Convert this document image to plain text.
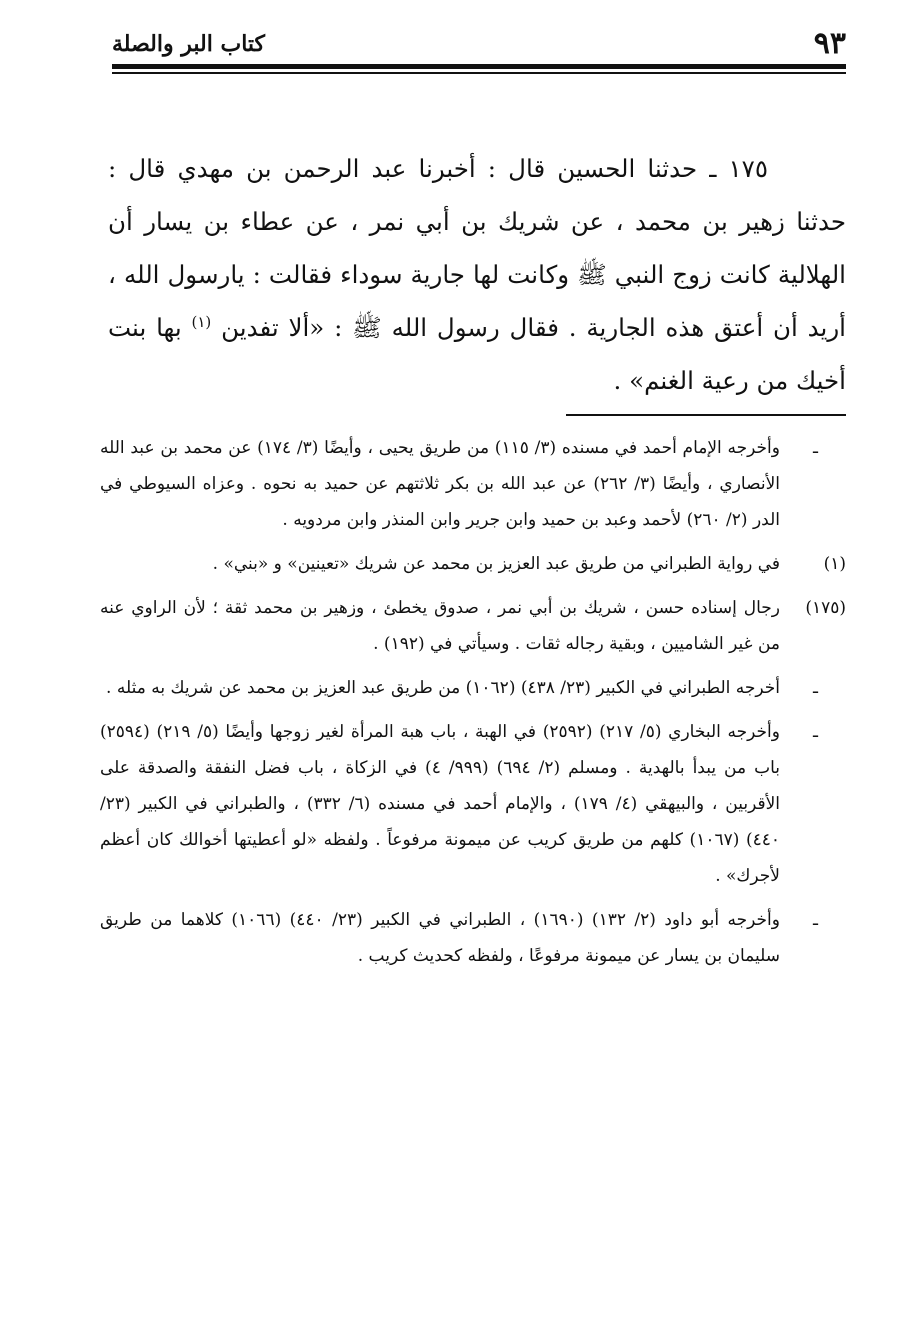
٩٣
كتاب البر والصلة
١٧٥ ـ حدثنا الحسين قال : أخبرنا عبد الرحمن بن مهدي قال : حدثنا زهير بن محمد ، عن شريك بن أبي نمر ، عن عطاء بن يسار أن الهلالية كانت زوج النبي ﷺ وكانت لها جارية سوداء فقالت : يارسول الله ، أريد أن أعتق هذه الجارية . فقال رسول الله ﷺ : «ألا تفدين $^{(١)}$ بها بنت أخيك من رعية الغنم» .
ـ
وأخرجه الإمام أحمد في مسنده (٣/ ١١٥) من طريق يحيى ، وأيضًا (٣/ ١٧٤) عن محمد بن عبد الله الأنصاري ، وأيضًا (٣/ ٢٦٢) عن عبد الله بن بكر ثلاثتهم عن حميد به نحوه . وعزاه السيوطي في الدر (٢/ ٢٦٠) لأحمد وعبد بن حميد وابن جرير وابن المنذر وابن مردويه .
(١)
في رواية الطبراني من طريق عبد العزيز بن محمد عن شريك «تعينين» و «بني» .
(١٧٥)
رجال إسناده حسن ، شريك بن أبي نمر ، صدوق يخطئ ، وزهير بن محمد ثقة ؛ لأن الراوي عنه من غير الشاميين ، وبقية رجاله ثقات . وسيأتي في (١٩٢) .
ـ
أخرجه الطبراني في الكبير (٢٣/ ٤٣٨) (١٠٦٢) من طريق عبد العزيز بن محمد عن شريك به مثله .
ـ
وأخرجه البخاري (٥/ ٢١٧) (٢٥٩٢) في الهبة ، باب هبة المرأة لغير زوجها وأيضًا (٥/ ٢١٩) (٢٥٩٤) باب من يبدأ بالهدية . ومسلم (٢/ ٦٩٤) (٩٩٩/ ٤) في الزكاة ، باب فضل النفقة والصدقة على الأقربين ، والبيهقي (٤/ ١٧٩) ، والإمام أحمد في مسنده (٦/ ٣٣٢) ، والطبراني في الكبير (٢٣/ ٤٤٠) (١٠٦٧) كلهم من طريق كريب عن ميمونة مرفوعاً . ولفظه «لو أعطيتها أخوالك كان أعظم لأجرك» .
ـ
وأخرجه أبو داود (٢/ ١٣٢) (١٦٩٠) ، الطبراني في الكبير (٢٣/ ٤٤٠) (١٠٦٦) كلاهما من طريق سليمان بن يسار عن ميمونة مرفوعًا ، ولفظه كحديث كريب .
